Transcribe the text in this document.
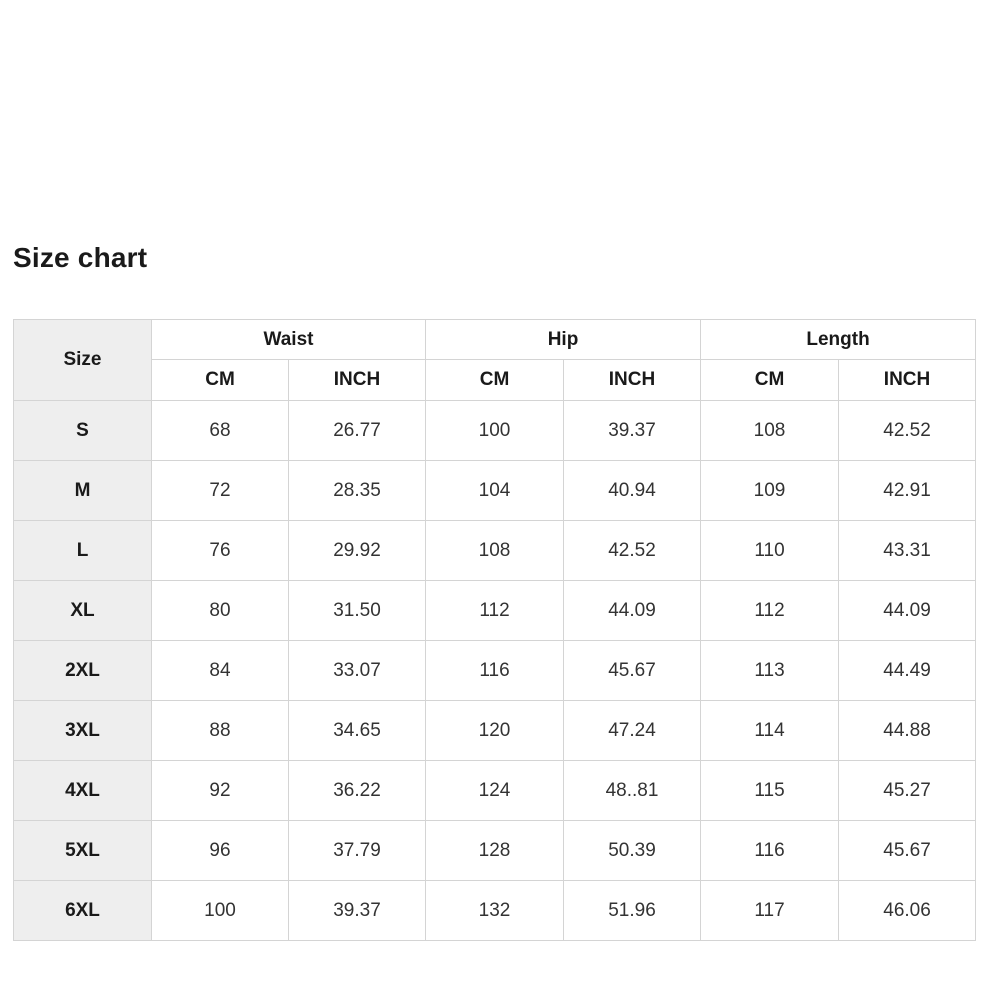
Size chart
Size	Waist		Hip		Length	
	CM	INCH	CM	INCH	CM	INCH
S	68	26.77	100	39.37	108	42.52
M	72	28.35	104	40.94	109	42.91
L	76	29.92	108	42.52	110	43.31
XL	80	31.50	112	44.09	112	44.09
2XL	84	33.07	116	45.67	113	44.49
3XL	88	34.65	120	47.24	114	44.88
4XL	92	36.22	124	48..81	115	45.27
5XL	96	37.79	128	50.39	116	45.67
6XL	100	39.37	132	51.96	117	46.06
